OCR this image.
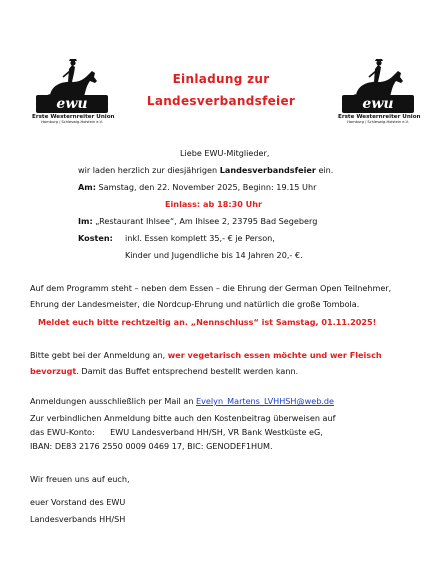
ewu
Erste Westernreiter Union
Hamburg / Schleswig-Holstein e.V.
ewu
Erste Westernreiter Union
Hamburg / Schleswig-Holstein e.V.
Einladung zur
Landesverbandsfeier
Liebe EWU-Mitglieder,
wir laden herzlich zur diesjährigen Landesverbandsfeier ein.
Am: Samstag, den 22. November 2025, Beginn: 19.15 Uhr
Einlass: ab 18:30 Uhr
Im: „Restaurant Ihlsee“, Am Ihlsee 2, 23795 Bad Segeberg
Kosten: inkl. Essen komplett 35,- € je Person,
Kinder und Jugendliche bis 14 Jahren 20,- €.
Auf dem Programm steht – neben dem Essen – die Ehrung der German Open Teilnehmer,
Ehrung der Landesmeister, die Nordcup-Ehrung und natürlich die große Tombola.
Meldet euch bitte rechtzeitig an. „Nennschluss“ ist Samstag, 01.11.2025!
Bitte gebt bei der Anmeldung an, wer vegetarisch essen möchte und wer Fleisch
bevorzugt. Damit das Buffet entsprechend bestellt werden kann.
Anmeldungen ausschließlich per Mail an Evelyn_Martens_LVHHSH@web.de
Zur verbindlichen Anmeldung bitte auch den Kostenbeitrag überweisen auf
das EWU-Konto:      EWU Landesverband HH/SH, VR Bank Westküste eG,
IBAN: DE83 2176 2550 0009 0469 17, BIC: GENODEF1HUM.
Wir freuen uns auf euch,
euer Vorstand des EWU
Landesverbands HH/SH
